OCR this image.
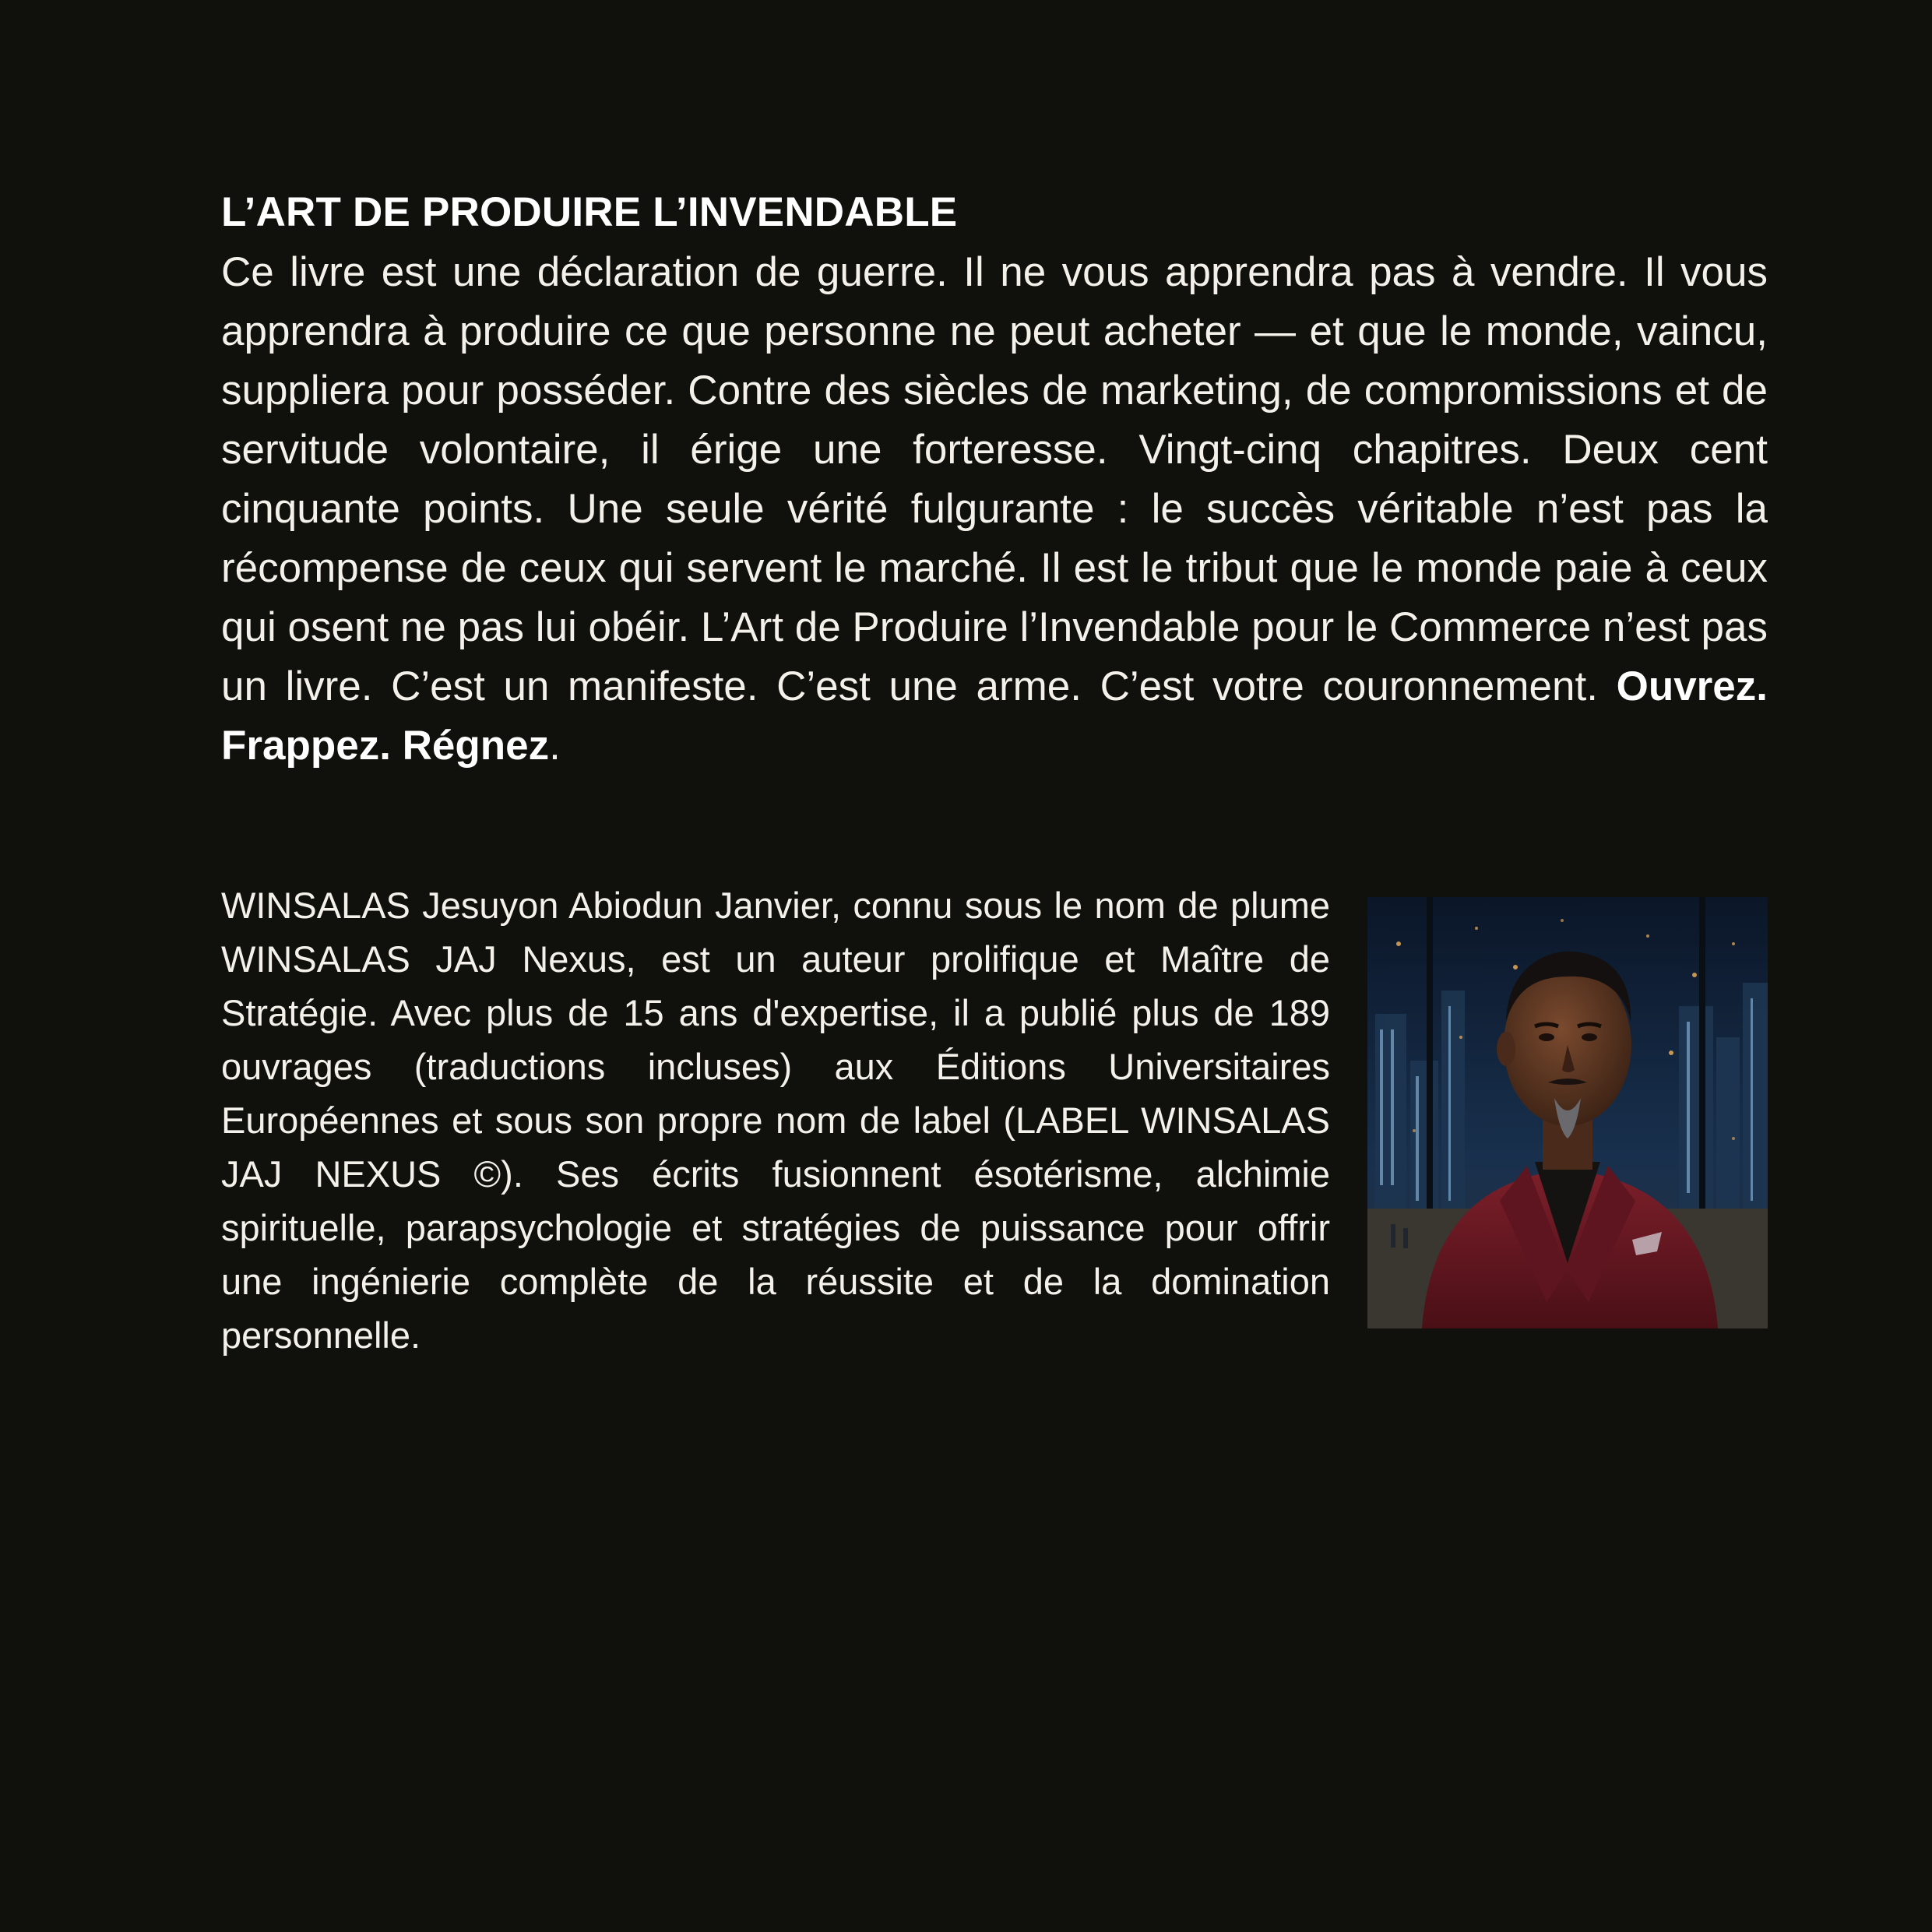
L’ART DE PRODUIRE L’INVENDABLE

Ce livre est une déclaration de guerre. Il ne vous apprendra pas à vendre. Il vous apprendra à produire ce que personne ne peut acheter — et que le monde, vaincu, suppliera pour posséder. Contre des siècles de marketing, de compromissions et de servitude volontaire, il érige une forteresse. Vingt-cinq chapitres. Deux cent cinquante points. Une seule vérité fulgurante : le succès véritable n’est pas la récompense de ceux qui servent le marché. Il est le tribut que le monde paie à ceux qui osent ne pas lui obéir. L’Art de Produire l’Invendable pour le Commerce n’est pas un livre. C’est un manifeste. C’est une arme. C’est votre couronnement. Ouvrez. Frappez. Régnez.

WINSALAS Jesuyon Abiodun Janvier, connu sous le nom de plume WINSALAS JAJ Nexus, est un auteur prolifique et Maître de Stratégie. Avec plus de 15 ans d'expertise, il a publié plus de 189 ouvrages (traductions incluses) aux Éditions Universitaires Européennes et sous son propre nom de label (LABEL WINSALAS JAJ NEXUS ©). Ses écrits fusionnent ésotérisme, alchimie spirituelle, parapsychologie et stratégies de puissance pour offrir une ingénierie complète de la réussite et de la domination personnelle.
